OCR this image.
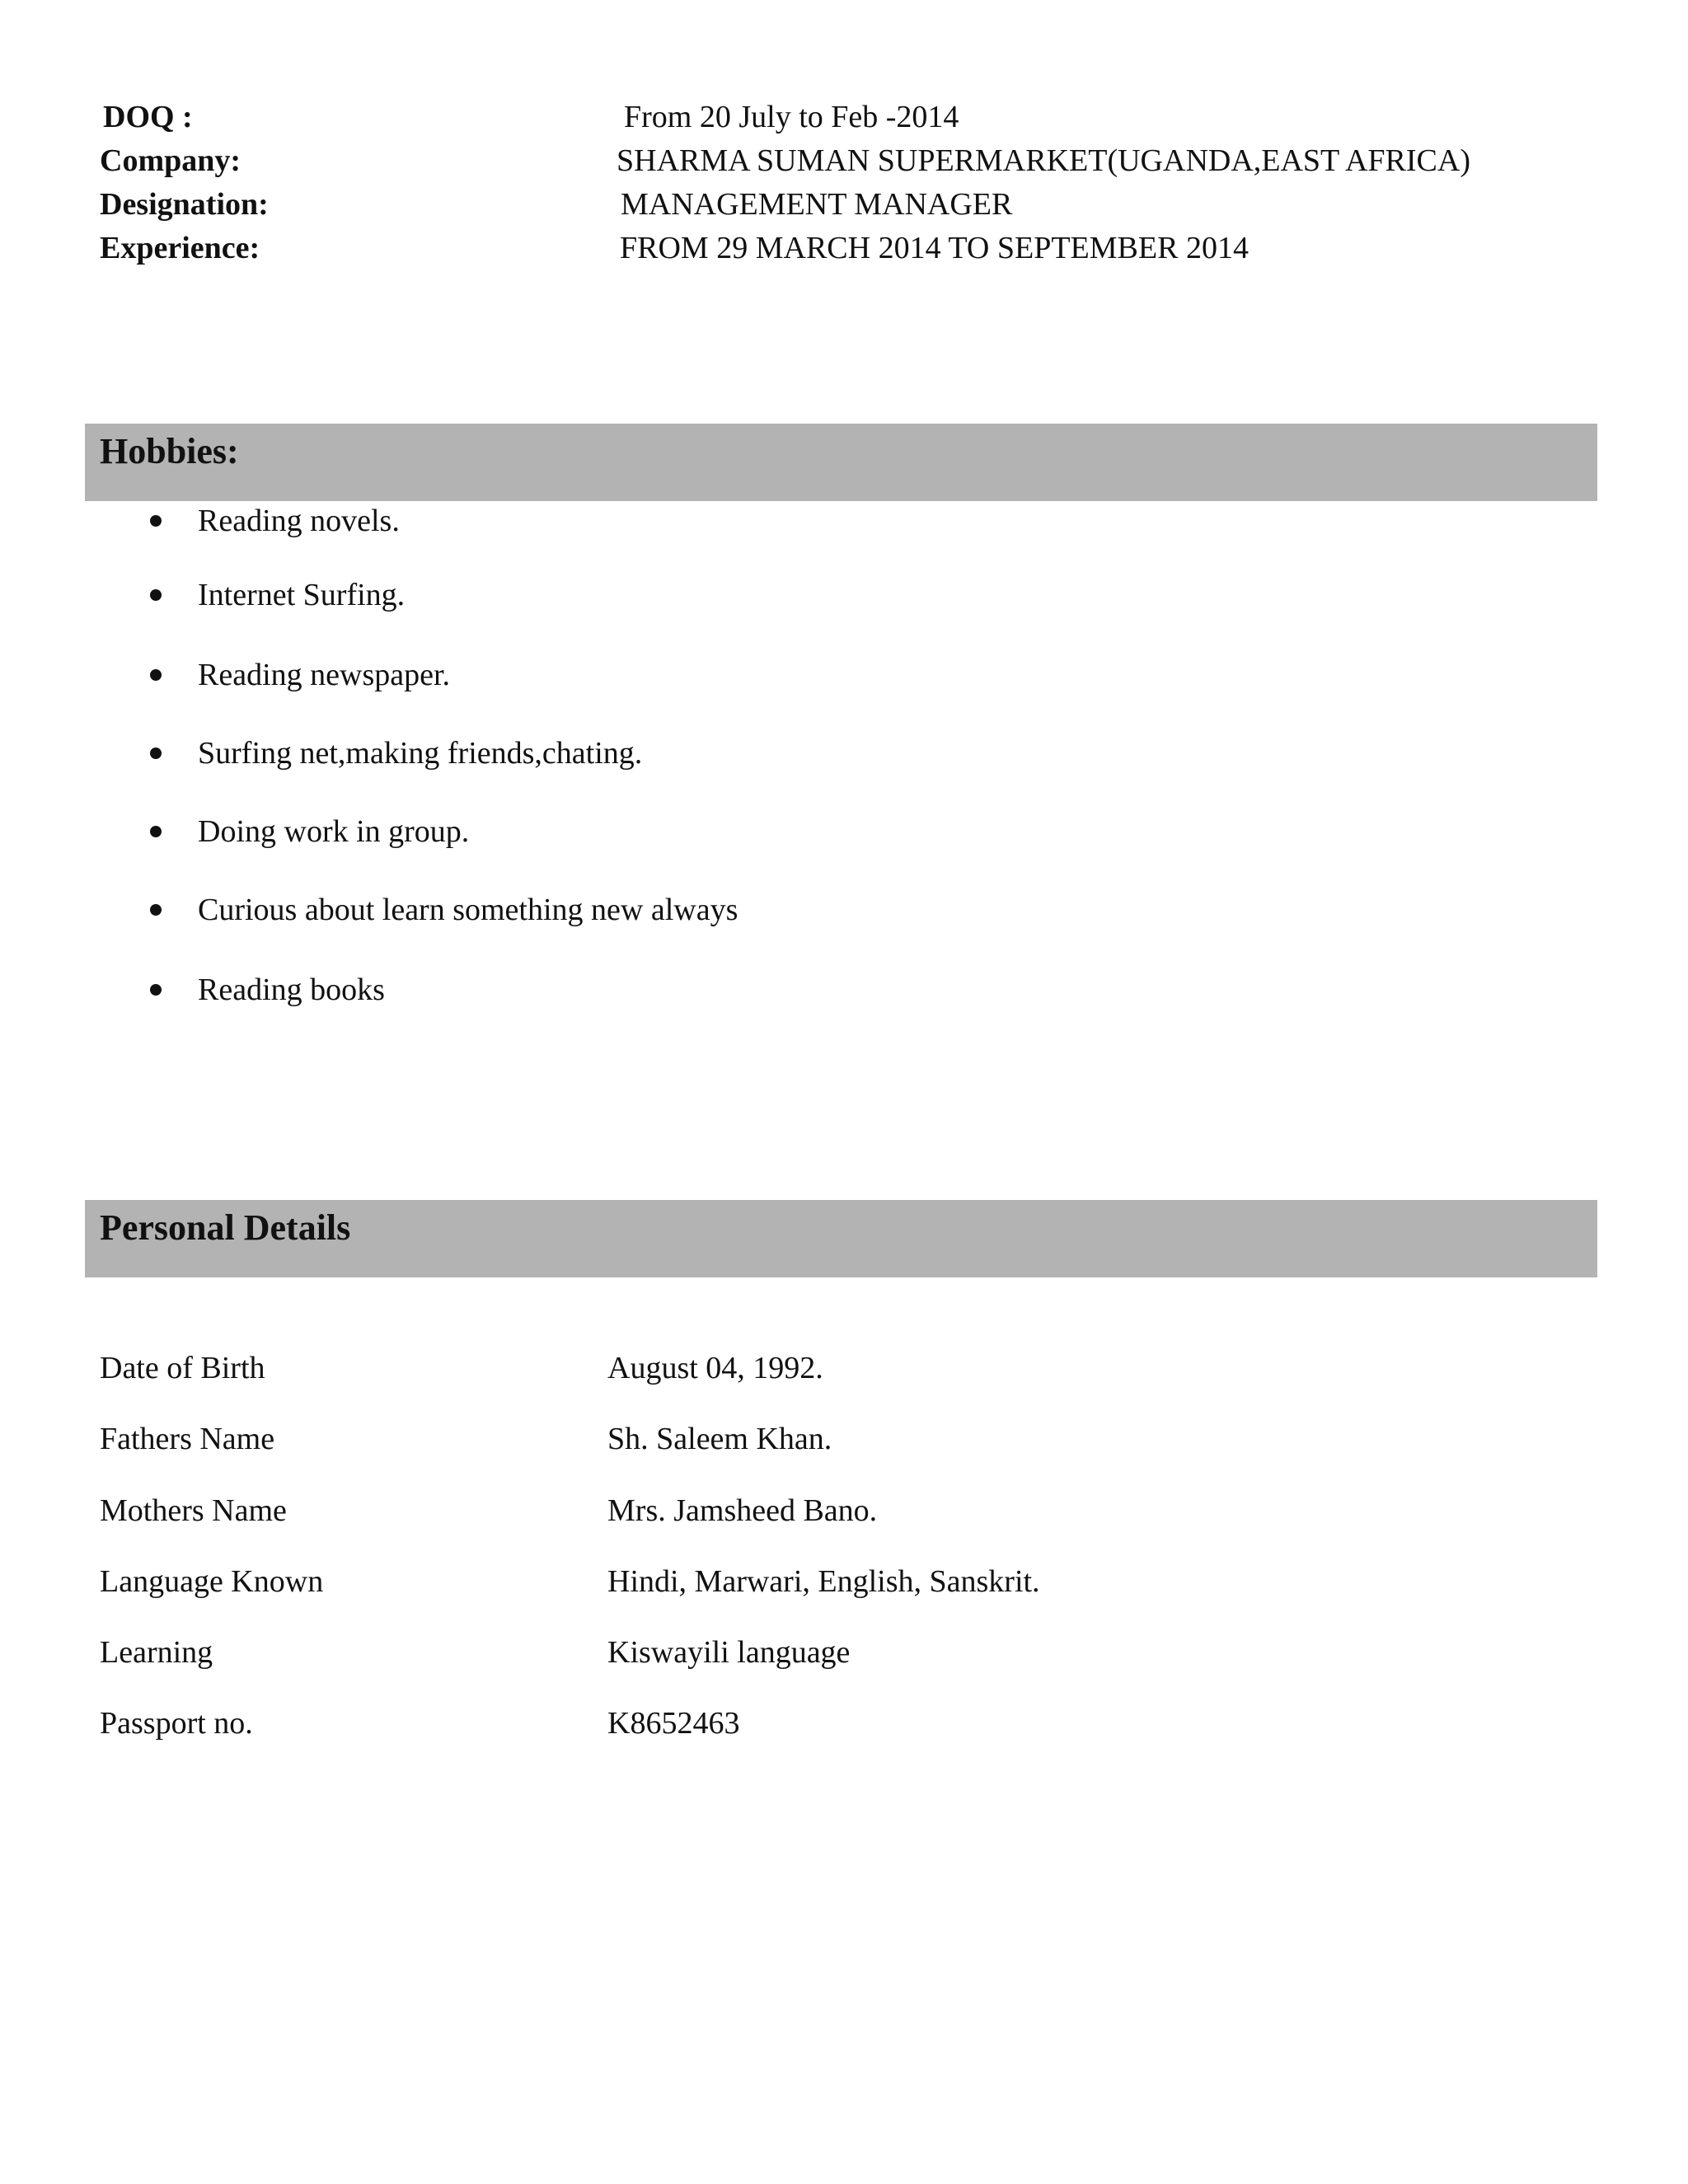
DOQ :	From 20 July to Feb -2014
Company:	SHARMA SUMAN SUPERMARKET(UGANDA,EAST AFRICA)
Designation:	MANAGEMENT MANAGER
Experience:	FROM 29 MARCH 2014 TO SEPTEMBER 2014
Hobbies:
Reading novels.
Internet Surfing.
Reading newspaper.
Surfing net,making friends,chating.
Doing work in group.
Curious about learn something new always
Reading books
Personal Details
Date of Birth	August 04, 1992.
Fathers Name	Sh. Saleem Khan.
Mothers Name	Mrs. Jamsheed Bano.
Language Known	Hindi, Marwari, English, Sanskrit.
Learning	Kiswayili language
Passport no.	K8652463
